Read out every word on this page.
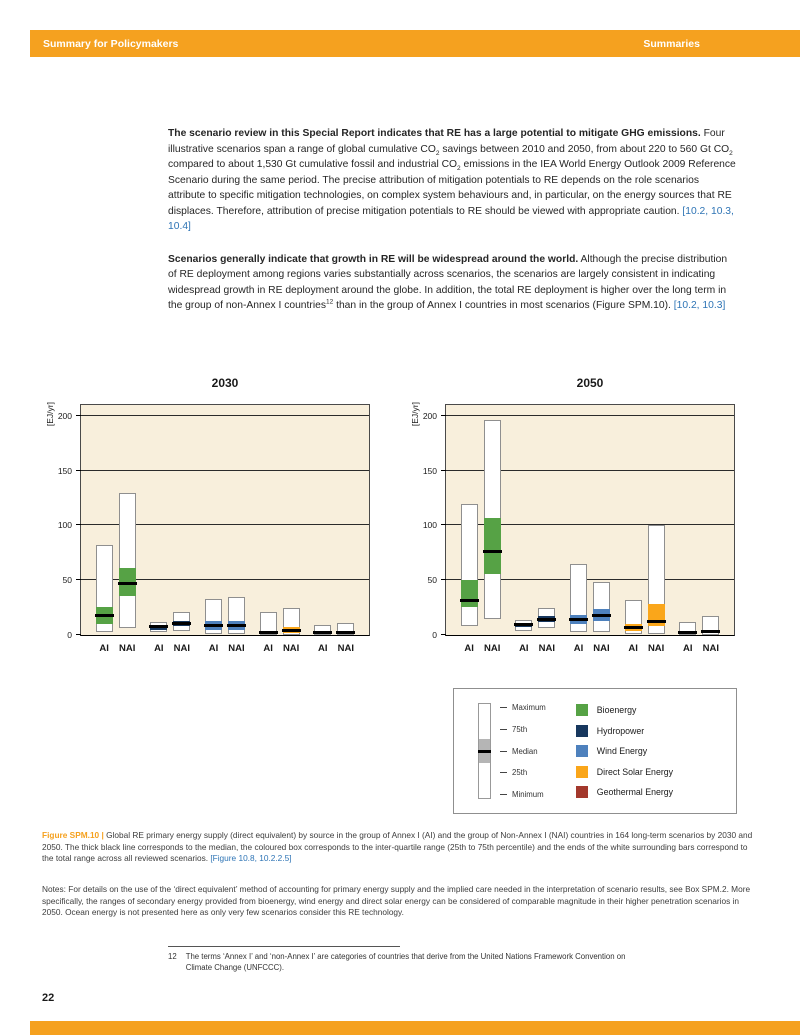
Summary for Policymakers	Summaries

The scenario review in this Special Report indicates that RE has a large potential to mitigate GHG emissions. Four illustrative scenarios span a range of global cumulative $CO_2$ savings between 2010 and 2050, from about 220 to 560 Gt $CO_2$ compared to about 1,530 Gt cumulative fossil and industrial $CO_2$ emissions in the IEA World Energy Outlook 2009 Reference Scenario during the same period. The precise attribution of mitigation potentials to RE depends on the role scenarios attribute to specific mitigation technologies, on complex system behaviours and, in particular, on the energy sources that RE displaces. Therefore, attribution of precise mitigation potentials to RE should be viewed with appropriate caution. [10.2, 10.3, 10.4]

Scenarios generally indicate that growth in RE will be widespread around the world. Although the precise distribution of RE deployment among regions varies substantially across scenarios, the scenarios are largely consistent in indicating widespread growth in RE deployment around the globe. In addition, the total RE deployment is higher over the long term in the group of non-Annex I countries$^{12}$ than in the group of Annex I countries in most scenarios (Figure SPM.10). [10.2, 10.3]

2030
[EJ/yr]
0
50
100
150
200
AI NAI AI NAI AI NAI AI NAI AI NAI
2050
[EJ/yr]
0
50
100
150
200
AI NAI AI NAI AI NAI AI NAI AI NAI
Maximum
75th
Median
25th
Minimum
Bioenergy
Hydropower
Wind Energy
Direct Solar Energy
Geothermal Energy

Figure SPM.10 | Global RE primary energy supply (direct equivalent) by source in the group of Annex I (AI) and the group of Non-Annex I (NAI) countries in 164 long-term scenarios by 2030 and 2050. The thick black line corresponds to the median, the coloured box corresponds to the inter-quartile range (25th to 75th percentile) and the ends of the white surrounding bars correspond to the total range across all reviewed scenarios. [Figure 10.8, 10.2.2.5]

Notes: For details on the use of the ‘direct equivalent’ method of accounting for primary energy supply and the implied care needed in the interpretation of scenario results, see Box SPM.2. More specifically, the ranges of secondary energy provided from bioenergy, wind energy and direct solar energy can be considered of comparable magnitude in their higher penetration scenarios in 2050. Ocean energy is not presented here as only very few scenarios consider this RE technology.

12 The terms ‘Annex I’ and ‘non-Annex I’ are categories of countries that derive from the United Nations Framework Convention on Climate Change (UNFCCC).
22
